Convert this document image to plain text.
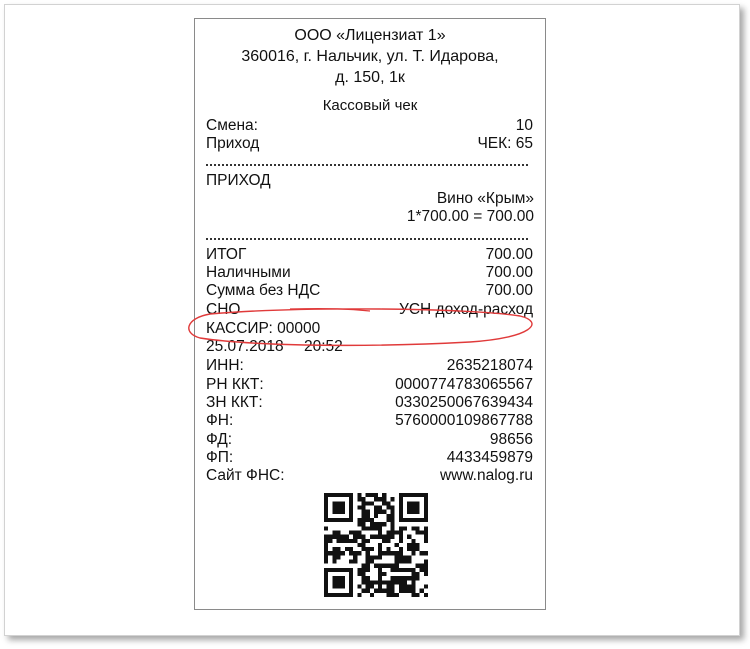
ООО «Лицензиат 1»
360016, г. Нальчик, ул. Т. Идарова,
д. 150, 1к
Кассовый чек
Смена:	10
Приход	ЧЕК: 65
ПРИХОД
Вино «Крым»
1*700.00 = 700.00
ИТОГ	700.00
Наличными	700.00
Сумма без НДС	700.00
СНО	УСН доход-расход
КАССИР: 00000
25.07.2018 20:52
ИНН:	2635218074
РН ККТ:	0000774783065567
ЗН ККТ:	0330250067639434
ФН:	5760000109867788
ФД:	98656
ФП:	4433459879
Сайт ФНС:	www.nalog.ru
